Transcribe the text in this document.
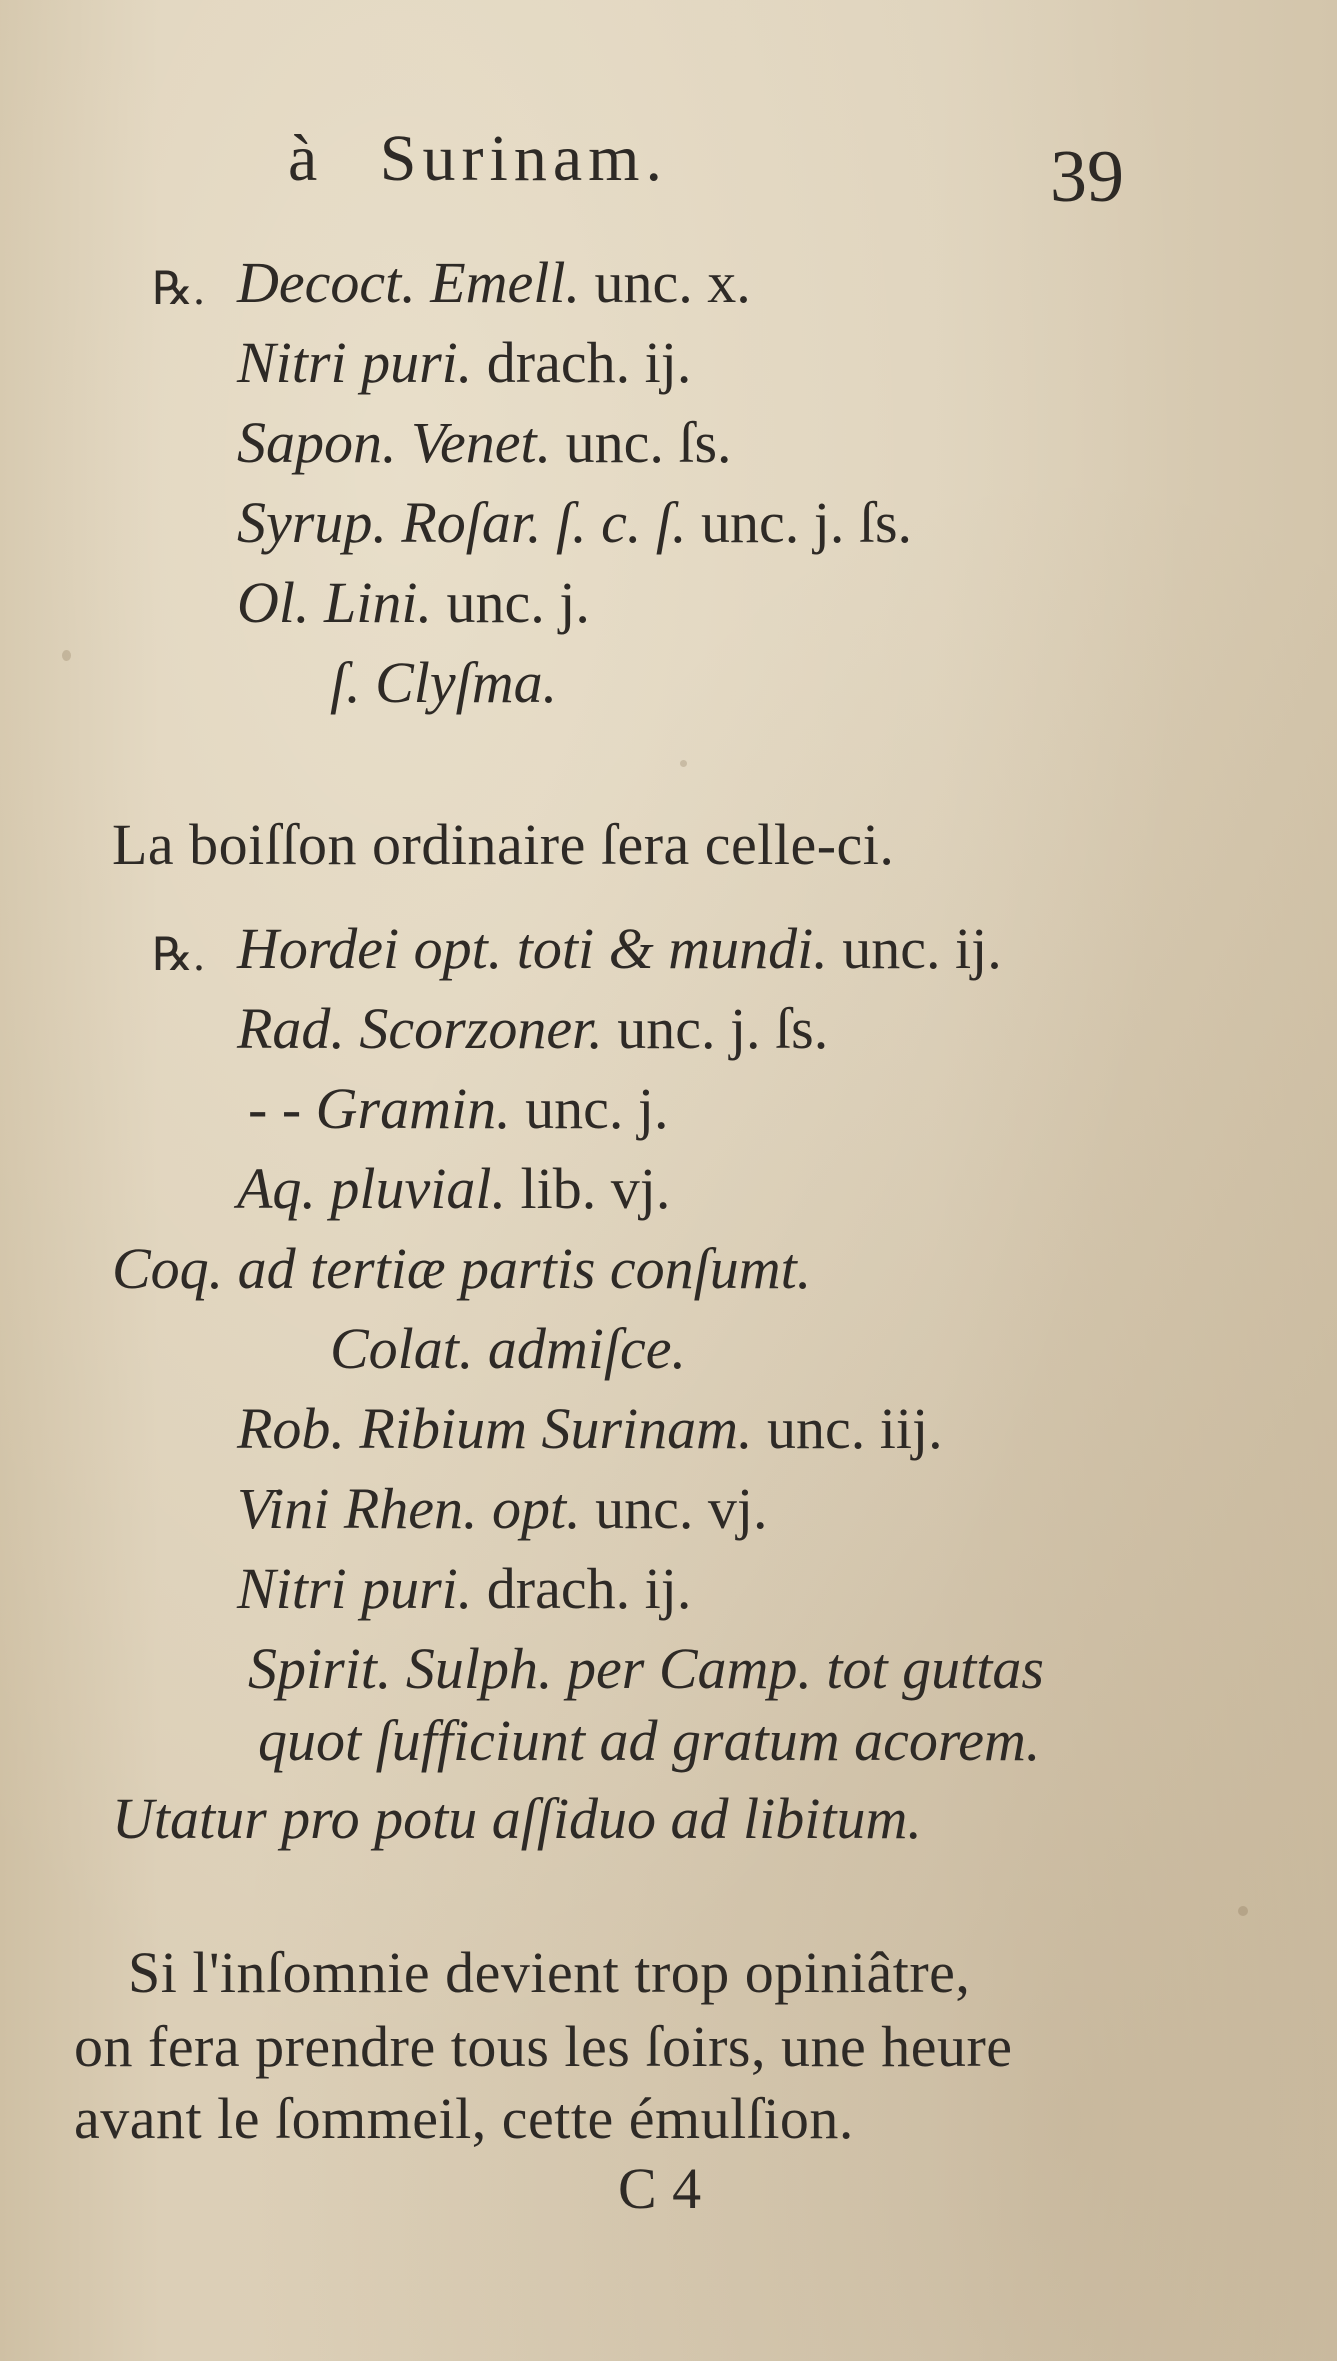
à Surinam.	39
℞. Decoct. Emell. unc. x.
Nitri puri. drach. ij.
Sapon. Venet. unc. ſs.
Syrup. Roſar. ſ. c. ſ. unc. j. ſs.
Ol. Lini. unc. j.
ſ. Clyſma.
La boiſſon ordinaire ſera celle-ci.
℞. Hordei opt. toti & mundi. unc. ij.
Rad. Scorzoner. unc. j. ſs.
- - Gramin. unc. j.
Aq. pluvial. lib. vj.
Coq. ad tertiæ partis conſumt.
Colat. admiſce.
Rob. Ribium Surinam. unc. iij.
Vini Rhen. opt. unc. vj.
Nitri puri. drach. ij.
Spirit. Sulph. per Camp. tot guttas
quot ſufficiunt ad gratum acorem.
Utatur pro potu aſſiduo ad libitum.
Si l'inſomnie devient trop opiniâtre,
on fera prendre tous les ſoirs, une heure
avant le ſommeil, cette émulſion.
C 4
